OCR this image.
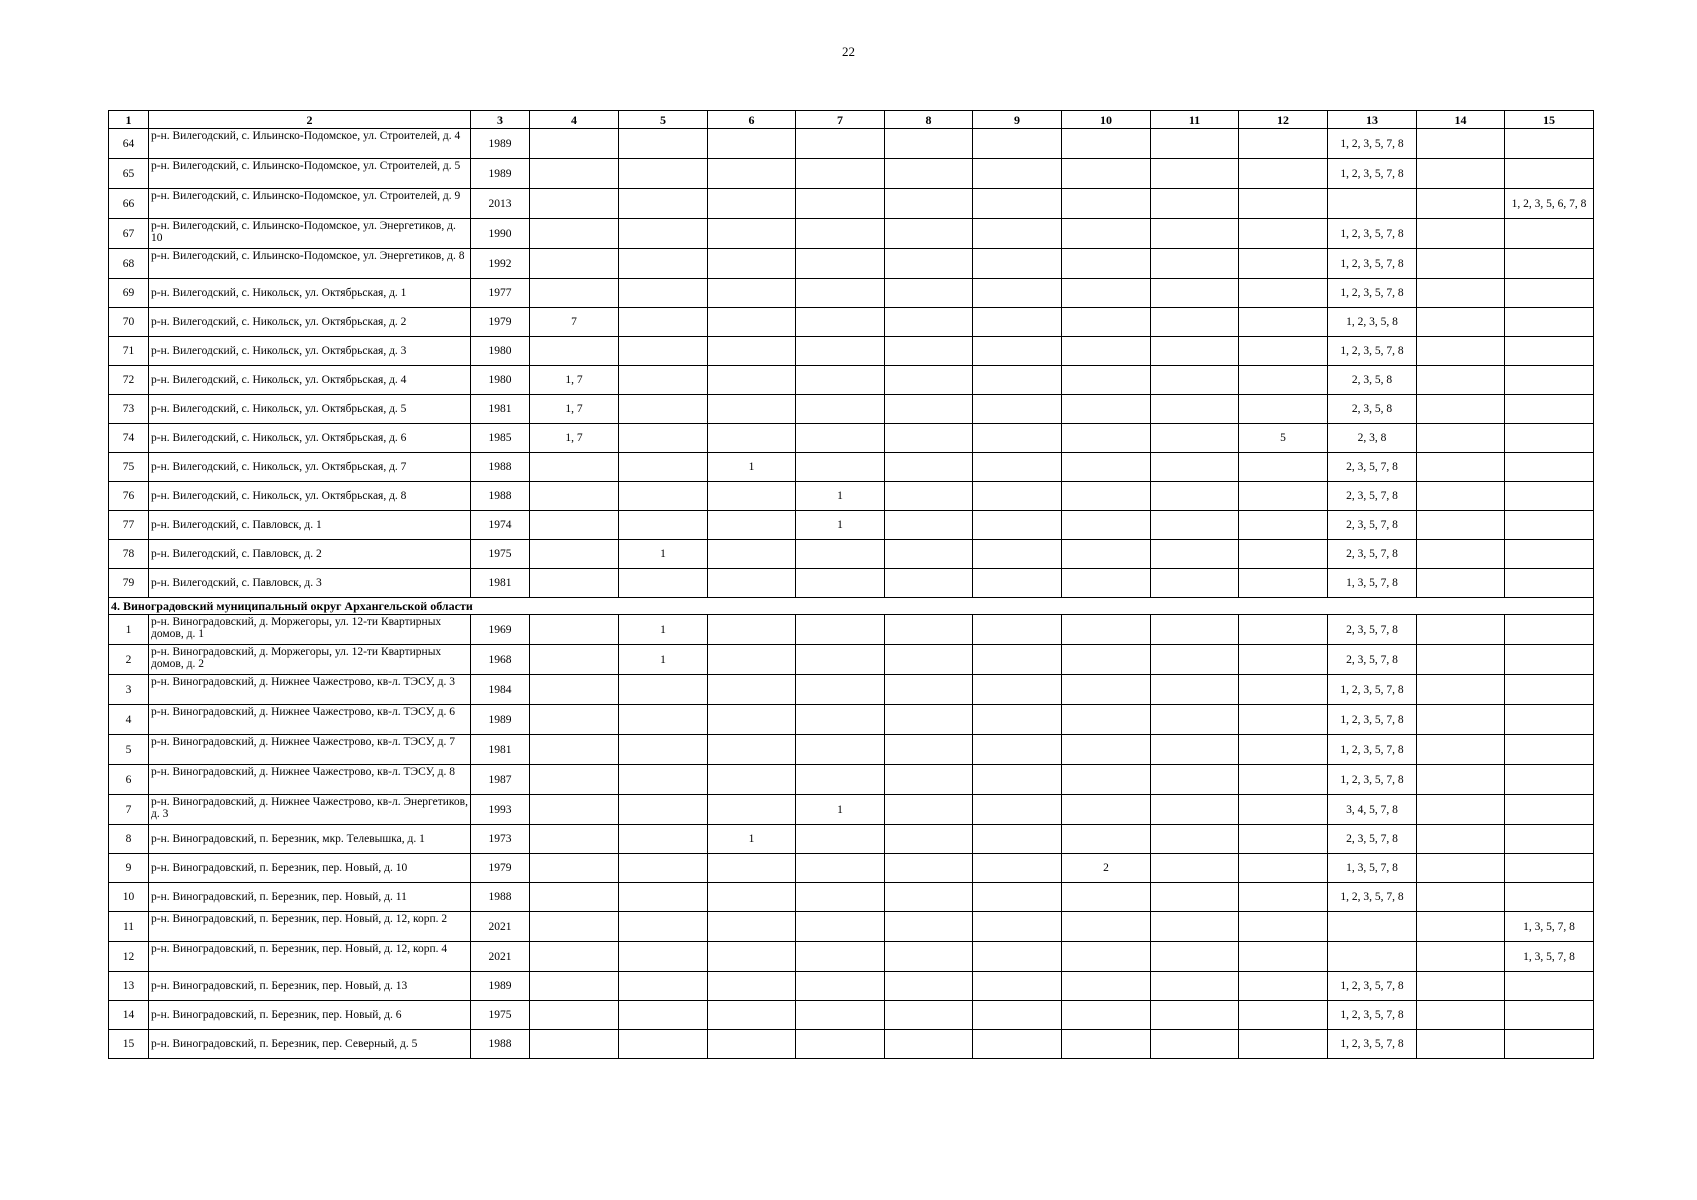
22
1	2	3	4	5	6	7	8	9	10	11	12	13	14	15
64	р-н. Вилегодский, с. Ильинско-Подомское, ул. Строителей, д. 4	1989										1, 2, 3, 5, 7, 8		
65	р-н. Вилегодский, с. Ильинско-Подомское, ул. Строителей, д. 5	1989										1, 2, 3, 5, 7, 8		
66	р-н. Вилегодский, с. Ильинско-Подомское, ул. Строителей, д. 9	2013												1, 2, 3, 5, 6, 7, 8
67	р-н. Вилегодский, с. Ильинско-Подомское, ул. Энергетиков, д. 10	1990										1, 2, 3, 5, 7, 8		
68	р-н. Вилегодский, с. Ильинско-Подомское, ул. Энергетиков, д. 8	1992										1, 2, 3, 5, 7, 8		
69	р-н. Вилегодский, с. Никольск, ул. Октябрьская, д. 1	1977										1, 2, 3, 5, 7, 8		
70	р-н. Вилегодский, с. Никольск, ул. Октябрьская, д. 2	1979	7									1, 2, 3, 5, 8		
71	р-н. Вилегодский, с. Никольск, ул. Октябрьская, д. 3	1980										1, 2, 3, 5, 7, 8		
72	р-н. Вилегодский, с. Никольск, ул. Октябрьская, д. 4	1980	1, 7									2, 3, 5, 8		
73	р-н. Вилегодский, с. Никольск, ул. Октябрьская, д. 5	1981	1, 7									2, 3, 5, 8		
74	р-н. Вилегодский, с. Никольск, ул. Октябрьская, д. 6	1985	1, 7								5	2, 3, 8		
75	р-н. Вилегодский, с. Никольск, ул. Октябрьская, д. 7	1988			1							2, 3, 5, 7, 8		
76	р-н. Вилегодский, с. Никольск, ул. Октябрьская, д. 8	1988				1						2, 3, 5, 7, 8		
77	р-н. Вилегодский, с. Павловск, д. 1	1974				1						2, 3, 5, 7, 8		
78	р-н. Вилегодский, с. Павловск, д. 2	1975		1								2, 3, 5, 7, 8		
79	р-н. Вилегодский, с. Павловск, д. 3	1981										1, 3, 5, 7, 8		
4. Виноградовский муниципальный округ Архангельской области														
1	р-н. Виноградовский, д. Моржегоры, ул. 12-ти Квартирных домов, д. 1	1969		1								2, 3, 5, 7, 8		
2	р-н. Виноградовский, д. Моржегоры, ул. 12-ти Квартирных домов, д. 2	1968		1								2, 3, 5, 7, 8		
3	р-н. Виноградовский, д. Нижнее Чажестрово, кв-л. ТЭСУ, д. 3	1984										1, 2, 3, 5, 7, 8		
4	р-н. Виноградовский, д. Нижнее Чажестрово, кв-л. ТЭСУ, д. 6	1989										1, 2, 3, 5, 7, 8		
5	р-н. Виноградовский, д. Нижнее Чажестрово, кв-л. ТЭСУ, д. 7	1981										1, 2, 3, 5, 7, 8		
6	р-н. Виноградовский, д. Нижнее Чажестрово, кв-л. ТЭСУ, д. 8	1987										1, 2, 3, 5, 7, 8		
7	р-н. Виноградовский, д. Нижнее Чажестрово, кв-л. Энергетиков, д. 3	1993				1						3, 4, 5, 7, 8		
8	р-н. Виноградовский, п. Березник, мкр. Телевышка, д. 1	1973			1							2, 3, 5, 7, 8		
9	р-н. Виноградовский, п. Березник, пер. Новый, д. 10	1979							2			1, 3, 5, 7, 8		
10	р-н. Виноградовский, п. Березник, пер. Новый, д. 11	1988										1, 2, 3, 5, 7, 8		
11	р-н. Виноградовский, п. Березник, пер. Новый, д. 12, корп. 2	2021												1, 3, 5, 7, 8
12	р-н. Виноградовский, п. Березник, пер. Новый, д. 12, корп. 4	2021												1, 3, 5, 7, 8
13	р-н. Виноградовский, п. Березник, пер. Новый, д. 13	1989										1, 2, 3, 5, 7, 8		
14	р-н. Виноградовский, п. Березник, пер. Новый, д. 6	1975										1, 2, 3, 5, 7, 8		
15	р-н. Виноградовский, п. Березник, пер. Северный, д. 5	1988										1, 2, 3, 5, 7, 8		
